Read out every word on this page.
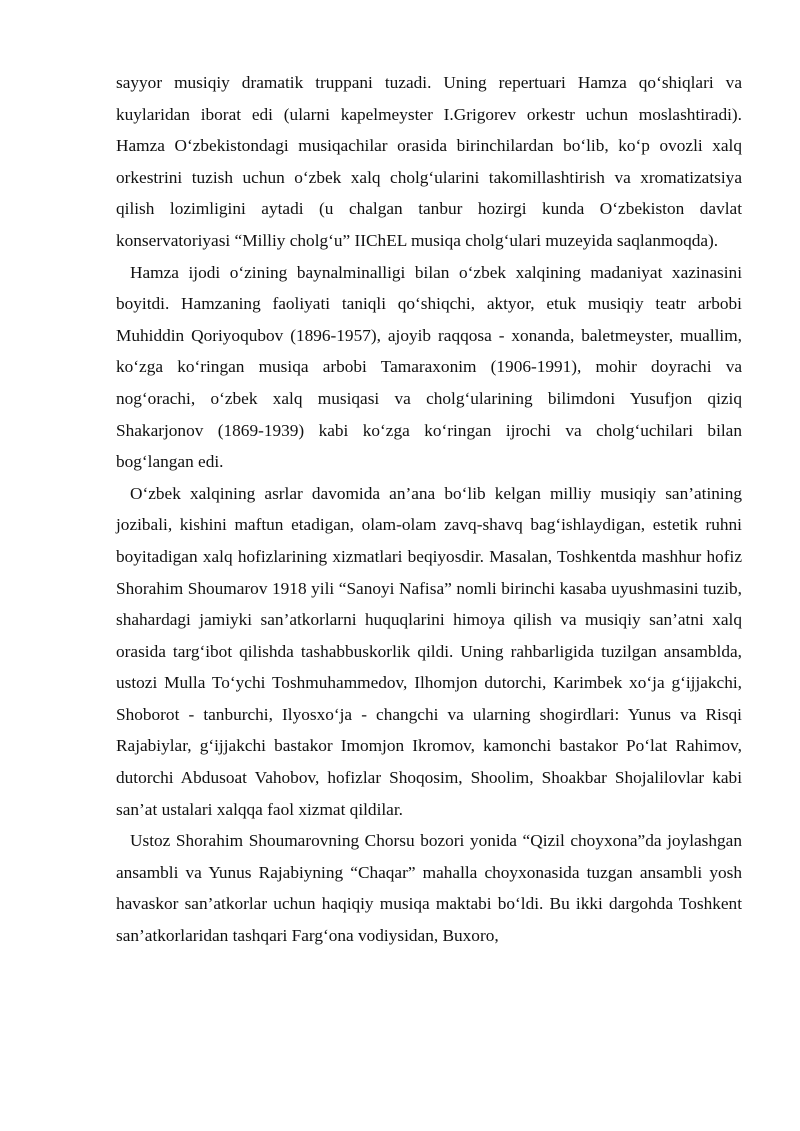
sayyor musiqiy dramatik truppani tuzadi. Uning repertuari Hamza qo‘shiqlari va kuylaridan iborat edi (ularni kapelmeyster I.Grigorev orkestr uchun moslashtiradi). Hamza O‘zbekistondagi musiqachilar orasida birinchilardan bo‘lib, ko‘p ovozli xalq orkestrini tuzish uchun o‘zbek xalq cholg‘ularini takomillashtirish va xromatizatsiya qilish lozimligini aytadi (u chalgan tanbur hozirgi kunda O‘zbekiston davlat konservatoriyasi “Milliy cholg‘u” IIChEL musiqa cholg‘ulari muzeyida saqlanmoqda).

Hamza ijodi o‘zining baynalminalligi bilan o‘zbek xalqining madaniyat xazinasini boyitdi. Hamzaning faoliyati taniqli qo‘shiqchi, aktyor, etuk musiqiy teatr arbobi Muhiddin Qoriyoqubov (1896-1957), ajoyib raqqosa - xonanda, baletmeyster, muallim, ko‘zga ko‘ringan musiqa arbobi Tamaraxonim (1906-1991), mohir doyrachi va nog‘orachi, o‘zbek xalq musiqasi va cholg‘ularining bilimdoni Yusufjon qiziq Shakarjonov (1869-1939) kabi ko‘zga ko‘ringan ijrochi va cholg‘uchilari bilan bog‘langan edi.

O‘zbek xalqining asrlar davomida an’ana bo‘lib kelgan milliy musiqiy san’atining jozibali, kishini maftun etadigan, olam-olam zavq-shavq bag‘ishlaydigan, estetik ruhni boyitadigan xalq hofizlarining xizmatlari beqiyosdir. Masalan, Toshkentda mashhur hofiz Shorahim Shoumarov 1918 yili “Sanoyi Nafisa” nomli birinchi kasaba uyushmasini tuzib, shahardagi jamiyki san’atkorlarni huquqlarini himoya qilish va musiqiy san’atni xalq orasida targ‘ibot qilishda tashabbuskorlik qildi. Uning rahbarligida tuzilgan ansamblda, ustozi Mulla To‘ychi Toshmuhammedov, Ilhomjon dutorchi, Karimbek xo‘ja g‘ijjakchi, Shoborot - tanburchi, Ilyosxo‘ja - changchi va ularning shogirdlari: Yunus va Risqi Rajabiylar, g‘ijjakchi bastakor Imomjon Ikromov, kamonchi bastakor Po‘lat Rahimov, dutorchi Abdusoat Vahobov, hofizlar Shoqosim, Shoolim, Shoakbar Shojalilovlar kabi san’at ustalari xalqqa faol xizmat qildilar.

Ustoz Shorahim Shoumarovning Chorsu bozori yonida “Qizil choyxona”da joylashgan ansambli va Yunus Rajabiyning “Chaqar” mahalla choyxonasida tuzgan ansambli yosh havaskor san’atkorlar uchun haqiqiy musiqa maktabi bo‘ldi. Bu ikki dargohda Toshkent san’atkorlaridan tashqari Farg‘ona vodiysidan, Buxoro,
